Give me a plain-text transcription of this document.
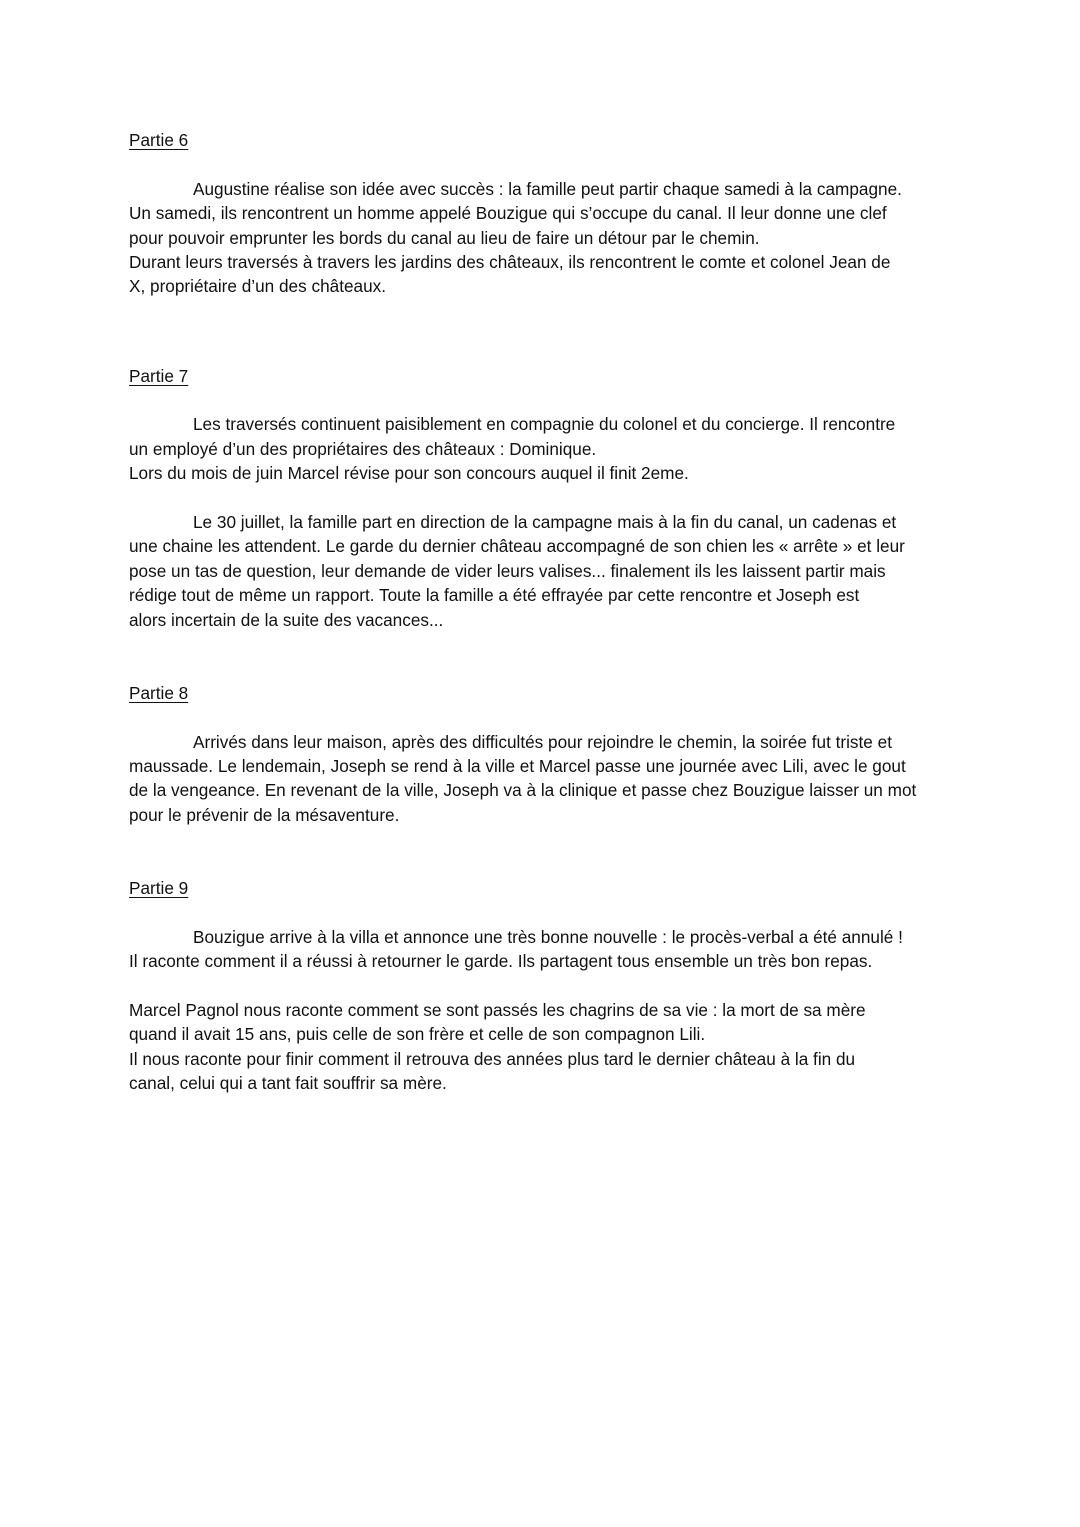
Partie 6

Augustine réalise son idée avec succès : la famille peut partir chaque samedi à la campagne.
Un samedi, ils rencontrent un homme appelé Bouzigue qui s’occupe du canal. Il leur donne une clef
pour pouvoir emprunter les bords du canal au lieu de faire un détour par le chemin.
Durant leurs traversés à travers les jardins des châteaux, ils rencontrent le comte et colonel Jean de
X, propriétaire d’un des châteaux.

Partie 7

Les traversés continuent paisiblement en compagnie du colonel et du concierge. Il rencontre
un employé d’un des propriétaires des châteaux : Dominique.
Lors du mois de juin Marcel révise pour son concours auquel il finit 2eme.

Le 30 juillet, la famille part en direction de la campagne mais à la fin du canal, un cadenas et
une chaine les attendent. Le garde du dernier château accompagné de son chien les « arrête » et leur
pose un tas de question, leur demande de vider leurs valises... finalement ils les laissent partir mais
rédige tout de même un rapport. Toute la famille a été effrayée par cette rencontre et Joseph est
alors incertain de la suite des vacances...

Partie 8

Arrivés dans leur maison, après des difficultés pour rejoindre le chemin, la soirée fut triste et
maussade. Le lendemain, Joseph se rend à la ville et Marcel passe une journée avec Lili, avec le gout
de la vengeance. En revenant de la ville, Joseph va à la clinique et passe chez Bouzigue laisser un mot
pour le prévenir de la mésaventure.

Partie 9

Bouzigue arrive à la villa et annonce une très bonne nouvelle : le procès-verbal a été annulé !
Il raconte comment il a réussi à retourner le garde. Ils partagent tous ensemble un très bon repas.

Marcel Pagnol nous raconte comment se sont passés les chagrins de sa vie : la mort de sa mère
quand il avait 15 ans, puis celle de son frère et celle de son compagnon Lili.
Il nous raconte pour finir comment il retrouva des années plus tard le dernier château à la fin du
canal, celui qui a tant fait souffrir sa mère.
